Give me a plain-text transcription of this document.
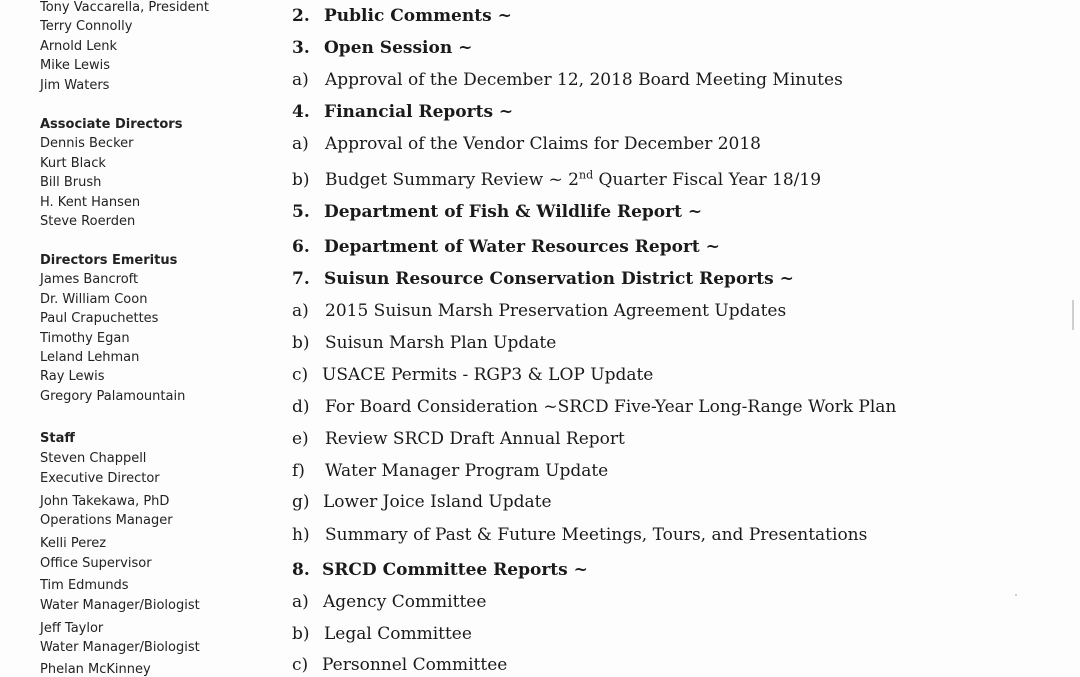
Tony Vaccarella, President
Terry Connolly
Arnold Lenk
Mike Lewis
Jim Waters
Associate Directors
Dennis Becker
Kurt Black
Bill Brush
H. Kent Hansen
Steve Roerden
Directors Emeritus
James Bancroft
Dr. William Coon
Paul Crapuchettes
Timothy Egan
Leland Lehman
Ray Lewis
Gregory Palamountain
Staff
Steven Chappell
Executive Director
John Takekawa, PhD
Operations Manager
Kelli Perez
Office Supervisor
Tim Edmunds
Water Manager/Biologist
Jeff Taylor
Water Manager/Biologist
Phelan McKinney
2. Public Comments ~
3. Open Session ~
a) Approval of the December 12, 2018 Board Meeting Minutes
4. Financial Reports ~
a) Approval of the Vendor Claims for December 2018
b) Budget Summary Review ~ 2nd Quarter Fiscal Year 18/19
5. Department of Fish & Wildlife Report ~
6. Department of Water Resources Report ~
7. Suisun Resource Conservation District Reports ~
a) 2015 Suisun Marsh Preservation Agreement Updates
b) Suisun Marsh Plan Update
c) USACE Permits - RGP3 & LOP Update
d) For Board Consideration ~SRCD Five-Year Long-Range Work Plan
e) Review SRCD Draft Annual Report
f) Water Manager Program Update
g) Lower Joice Island Update
h) Summary of Past & Future Meetings, Tours, and Presentations
8. SRCD Committee Reports ~
a) Agency Committee
b) Legal Committee
c) Personnel Committee
